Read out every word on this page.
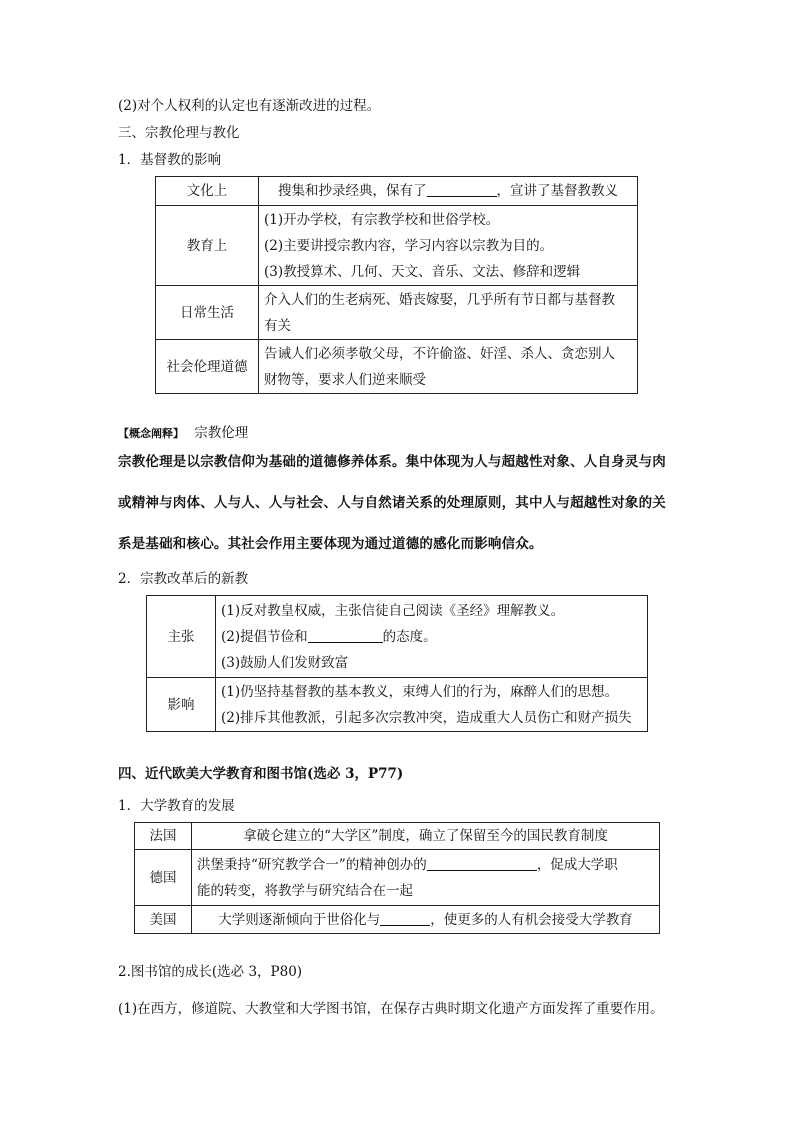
(2)对个人权利的认定也有逐渐改进的过程。
三、宗教伦理与教化
1．基督教的影响
文化上	搜集和抄录经典，保有了 ，宣讲了基督教教义
教育上	(1)开办学校，有宗教学校和世俗学校。
(2)主要讲授宗教内容，学习内容以宗教为目的。
(3)教授算术、几何、天文、音乐、文法、修辞和逻辑

日常生活	介入人们的生老病死、婚丧嫁娶，几乎所有节日都与基督教
有关

社会伦理道德	告诫人们必须孝敬父母，不许偷盗、奸淫、杀人、贪恋别人
财物等，要求人们逆来顺受
【概念阐释】 宗教伦理
宗教伦理是以宗教信仰为基础的道德修养体系。集中体现为人与超越性对象、人自身灵与肉
或精神与肉体、人与人、人与社会、人与自然诸关系的处理原则，其中人与超越性对象的关
系是基础和核心。其社会作用主要体现为通过道德的感化而影响信众。
2．宗教改革后的新教
主张	(1)反对教皇权威，主张信徒自己阅读《圣经》理解教义。
(2)提倡节俭和 的态度。
(3)鼓励人们发财致富

影响	(1)仍坚持基督教的基本教义，束缚人们的行为，麻醉人们的思想。
(2)排斥其他教派，引起多次宗教冲突，造成重大人员伤亡和财产损失
四、近代欧美大学教育和图书馆(选必 3，P77)
1．大学教育的发展
法国	拿破仑建立的“大学区”制度，确立了保留至今的国民教育制度
德国	洪堡秉持“研究教学合一”的精神创办的 ，促成大学职
能的转变，将教学与研究结合在一起

美国	大学则逐渐倾向于世俗化与 ，使更多的人有机会接受大学教育
2.图书馆的成长(选必 3，P80)
(1)在西方，修道院、大教堂和大学图书馆，在保存古典时期文化遗产方面发挥了重要作用。
